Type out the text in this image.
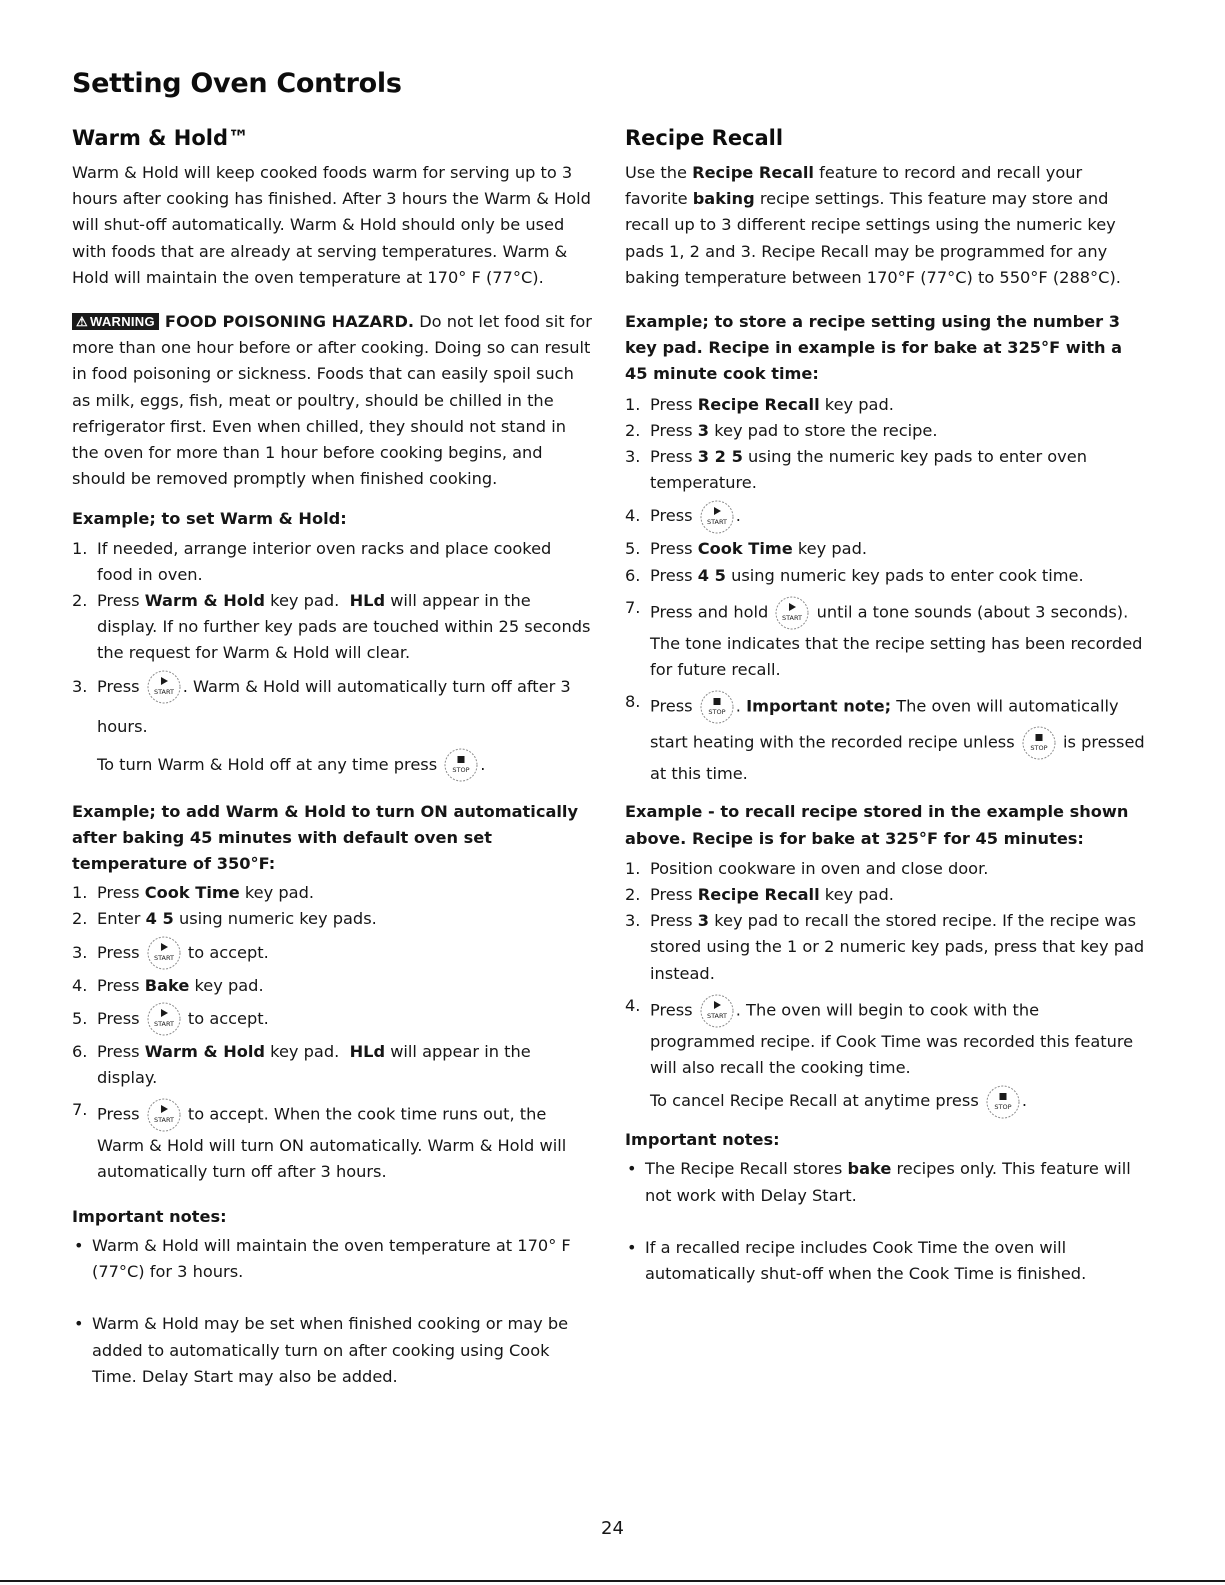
Setting Oven Controls
Warm & Hold™

Warm & Hold will keep cooked foods warm for serving up to 3 hours after cooking has finished. After 3 hours the Warm & Hold will shut-off automatically. Warm & Hold should only be used with foods that are already at serving temperatures. Warm & Hold will maintain the oven temperature at 170° F (77°C).

⚠ WARNING FOOD POISONING HAZARD. Do not let food sit for more than one hour before or after cooking. Doing so can result in food poisoning or sickness. Foods that can easily spoil such as milk, eggs, fish, meat or poultry, should be chilled in the refrigerator first. Even when chilled, they should not stand in the oven for more than 1 hour before cooking begins, and should be removed promptly when finished cooking.

Example; to set Warm & Hold:

1. If needed, arrange interior oven racks and place cooked food in oven.
2. Press Warm & Hold key pad. HLd will appear in the display. If no further key pads are touched within 25 seconds the request for Warm & Hold will clear.
3. Press START . Warm & Hold will automatically turn off after 3 hours.
To turn Warm & Hold off at any time press STOP .

Example; to add Warm & Hold to turn ON automatically after baking 45 minutes with default oven set temperature of 350°F:

1. Press Cook Time key pad.
2. Enter 4 5 using numeric key pads.
3. Press START to accept.
4. Press Bake key pad.
5. Press START to accept.
6. Press Warm & Hold key pad. HLd will appear in the display.
7. Press START to accept. When the cook time runs out, the Warm & Hold will turn ON automatically. Warm & Hold will automatically turn off after 3 hours.

Important notes:

• Warm & Hold will maintain the oven temperature at 170° F (77°C) for 3 hours.
• Warm & Hold may be set when finished cooking or may be added to automatically turn on after cooking using Cook Time. Delay Start may also be added.
Recipe Recall

Use the Recipe Recall feature to record and recall your favorite baking recipe settings. This feature may store and recall up to 3 different recipe settings using the numeric key pads 1, 2 and 3. Recipe Recall may be programmed for any baking temperature between 170°F (77°C) to 550°F (288°C).

Example; to store a recipe setting using the number 3 key pad. Recipe in example is for bake at 325°F with a 45 minute cook time:

1. Press Recipe Recall key pad.
2. Press 3 key pad to store the recipe.
3. Press 3 2 5 using the numeric key pads to enter oven temperature.
4. Press START .
5. Press Cook Time key pad.
6. Press 4 5 using numeric key pads to enter cook time.
7. Press and hold START until a tone sounds (about 3 seconds). The tone indicates that the recipe setting has been recorded for future recall.
8. Press STOP . Important note; The oven will automatically start heating with the recorded recipe unless STOP is pressed at this time.

Example - to recall recipe stored in the example shown above. Recipe is for bake at 325°F for 45 minutes:

1. Position cookware in oven and close door.
2. Press Recipe Recall key pad.
3. Press 3 key pad to recall the stored recipe. If the recipe was stored using the 1 or 2 numeric key pads, press that key pad instead.
4. Press START . The oven will begin to cook with the programmed recipe. if Cook Time was recorded this feature will also recall the cooking time.
To cancel Recipe Recall at anytime press STOP .

Important notes:

• The Recipe Recall stores bake recipes only. This feature will not work with Delay Start.
• If a recalled recipe includes Cook Time the oven will automatically shut-off when the Cook Time is finished.
24
